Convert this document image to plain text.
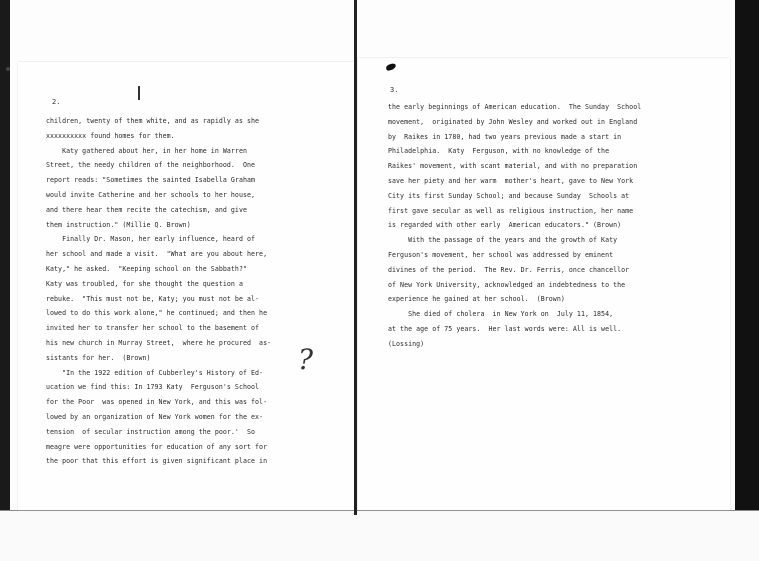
2.
children, twenty of them white, and as rapidly as she
xxxxxxxxxx found homes for them.
Katy gathered about her, in her home in Warren
Street, the needy children of the neighborhood.  One
report reads: "Sometimes the sainted Isabella Graham
would invite Catherine and her schools to her house,
and there hear them recite the catechism, and give
them instruction." (Millie Q. Brown)
Finally Dr. Mason, her early influence, heard of
her school and made a visit.  "What are you about here,
Katy," he asked.  "Keeping school on the Sabbath?"
Katy was troubled, for she thought the question a
rebuke.  "This must not be, Katy; you must not be al-
lowed to do this work alone," he continued; and then he
invited her to transfer her school to the basement of
his new church in Murray Street,  where he procured  as-
sistants for her.  (Brown)
"In the 1922 edition of Cubberley's History of Ed-
ucation we find this: In 1793 Katy  Ferguson's School
for the Poor  was opened in New York, and this was fol-
lowed by an organization of New York women for the ex-
tension  of secular instruction among the poor.'  So
meagre were opportunities for education of any sort for
the poor that this effort is given significant place in
3.
the early beginnings of American education.  The Sunday  School
movement,  originated by John Wesley and worked out in England
by  Raikes in 1780, had two years previous made a start in
Philadelphia.  Katy  Ferguson, with no knowledge of the
Raikes' movement, with scant material, and with no preparation
save her piety and her warm  mother's heart, gave to New York
City its first Sunday School; and because Sunday  Schools at
first gave secular as well as religious instruction, her name
is regarded with other early  American educators." (Brown)
With the passage of the years and the growth of Katy
Ferguson's movement, her school was addressed by eminent
divines of the period.  The Rev. Dr. Ferris, once chancellor
of New York University, acknowledged an indebtedness to the
experience he gained at her school.  (Brown)
She died of cholera  in New York on  July 11, 1854,
at the age of 75 years.  Her last words were: All is well.
(Lossing)
?
